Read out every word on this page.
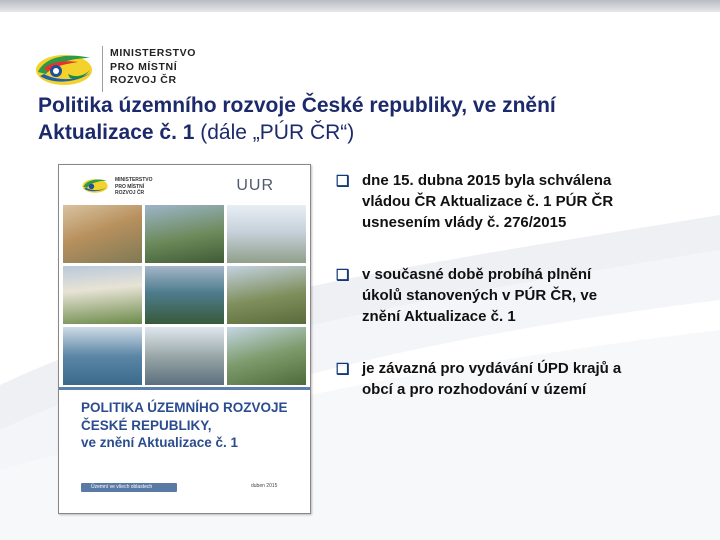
MINISTERSTVO
PRO MÍSTNÍ
ROZVOJ ČR
Politika územního rozvoje České republiky, ve znění
Aktualizace č. 1 (dále „PÚR ČR“)
MINISTERSTVO
PRO MÍSTNÍ
ROZVOJ ČR	UUR
POLITIKA ÚZEMNÍHO ROZVOJE
ČESKÉ REPUBLIKY,
ve znění Aktualizace č. 1
Územní ve všech oblastech	duben 2015
❑ dne 15. dubna 2015 byla schválena
vládou ČR Aktualizace č. 1 PÚR ČR
usnesením vlády č. 276/2015
❑ v současné době probíhá plnění
úkolů stanovených v PÚR ČR, ve
znění Aktualizace č. 1
❑ je závazná pro vydávání ÚPD krajů a
obcí a pro rozhodování v území
